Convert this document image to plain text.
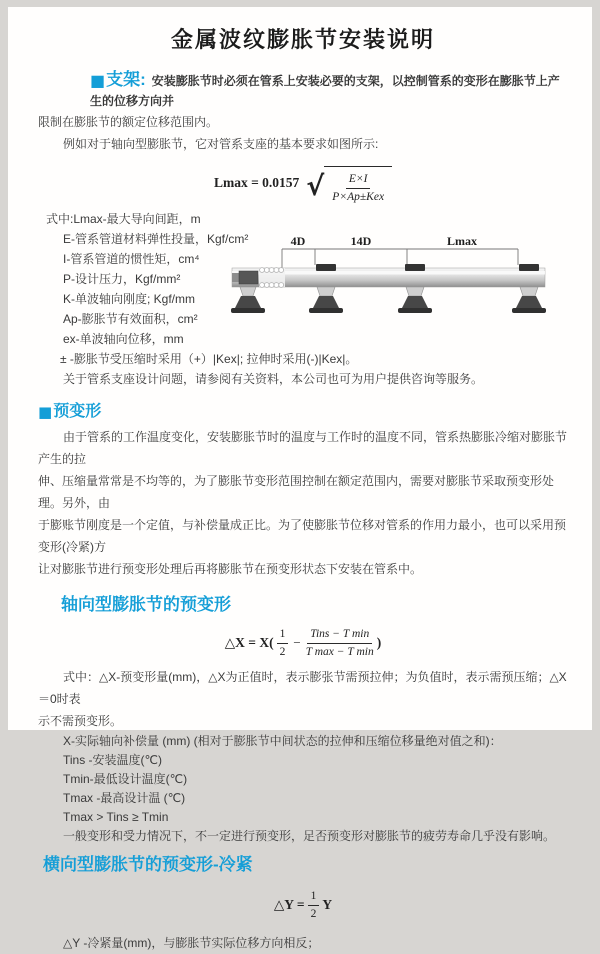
金属波纹膨胀节安装说明
■支架: 安装膨胀节时必须在管系上安装必要的支架，以控制管系的变形在膨胀节上产生的位移方向并
限制在膨胀节的额定位移范围内。
例如对于轴向型膨胀节，它对管系支座的基本要求如图所示:
Lmax = 0.0157 √ $\frac{E\times I}{\text{P×Ap±Kex}}$
式中:Lmax-最大导向间距，m
E-管系管道材料弹性投量，Kgf/cm²
I-管系管道的惯性矩，cm⁴
P-设计压力，Kgf/mm²
K-单波轴向刚度; Kgf/mm
Ap-膨胀节有效面积，cm²
ex-单波轴向位移，mm
± -膨胀节受压缩时采用（+）|Kex|; 拉伸时采用(-)|Kex|。
关于管系支座设计问题，请参阅有关资料，本公司也可为用户提供咨询等服务。
4D	14D	Lmax
■预变形
由于管系的工作温度变化，安装膨胀节时的温度与工作时的温度不同，管系热膨胀冷缩对膨胀节产生的拉
伸、压缩量常常是不均等的，为了膨胀节变形范围控制在额定范围内，需要对膨胀节采取预变形处理。另外，由
于膨账节刚度是一个定值，与补偿量成正比。为了使膨胀节位移对管系的作用力最小，也可以采用预变形(冷紧)方
让对膨胀节进行预变形处理后再将膨胀节在预变形状态下安装在管系中。
轴向型膨胀节的预变形
△X = $X( \frac{1}{2} - \frac{\text{Tins − T min}}{\text{T max − T min}}$ )
式中：△X-预变形量(mm)，△X为正值时，表示膨张节需预拉伸；为负值时，表示需预压缩；△X＝0时表
示不需预变形。
X-实际轴向补偿量 (mm) (相对于膨胀节中间状态的拉伸和压缩位移量绝对值之和)：
Tins -安装温度(℃)
Tmin-最低设计温度(℃)
Tmax -最高设计温 (℃)
Tmax > Tins ≥ Tmin
一般变形和受力情况下，不一定进行预变形，足否预变形对膨胀节的疲劳寿命几乎没有影响。
横向型膨胀节的预变形-冷紧
△Y = $\frac{1}{2}$ Y
△Y -冷紧量(mm)，与膨胀节实际位移方向相反；
